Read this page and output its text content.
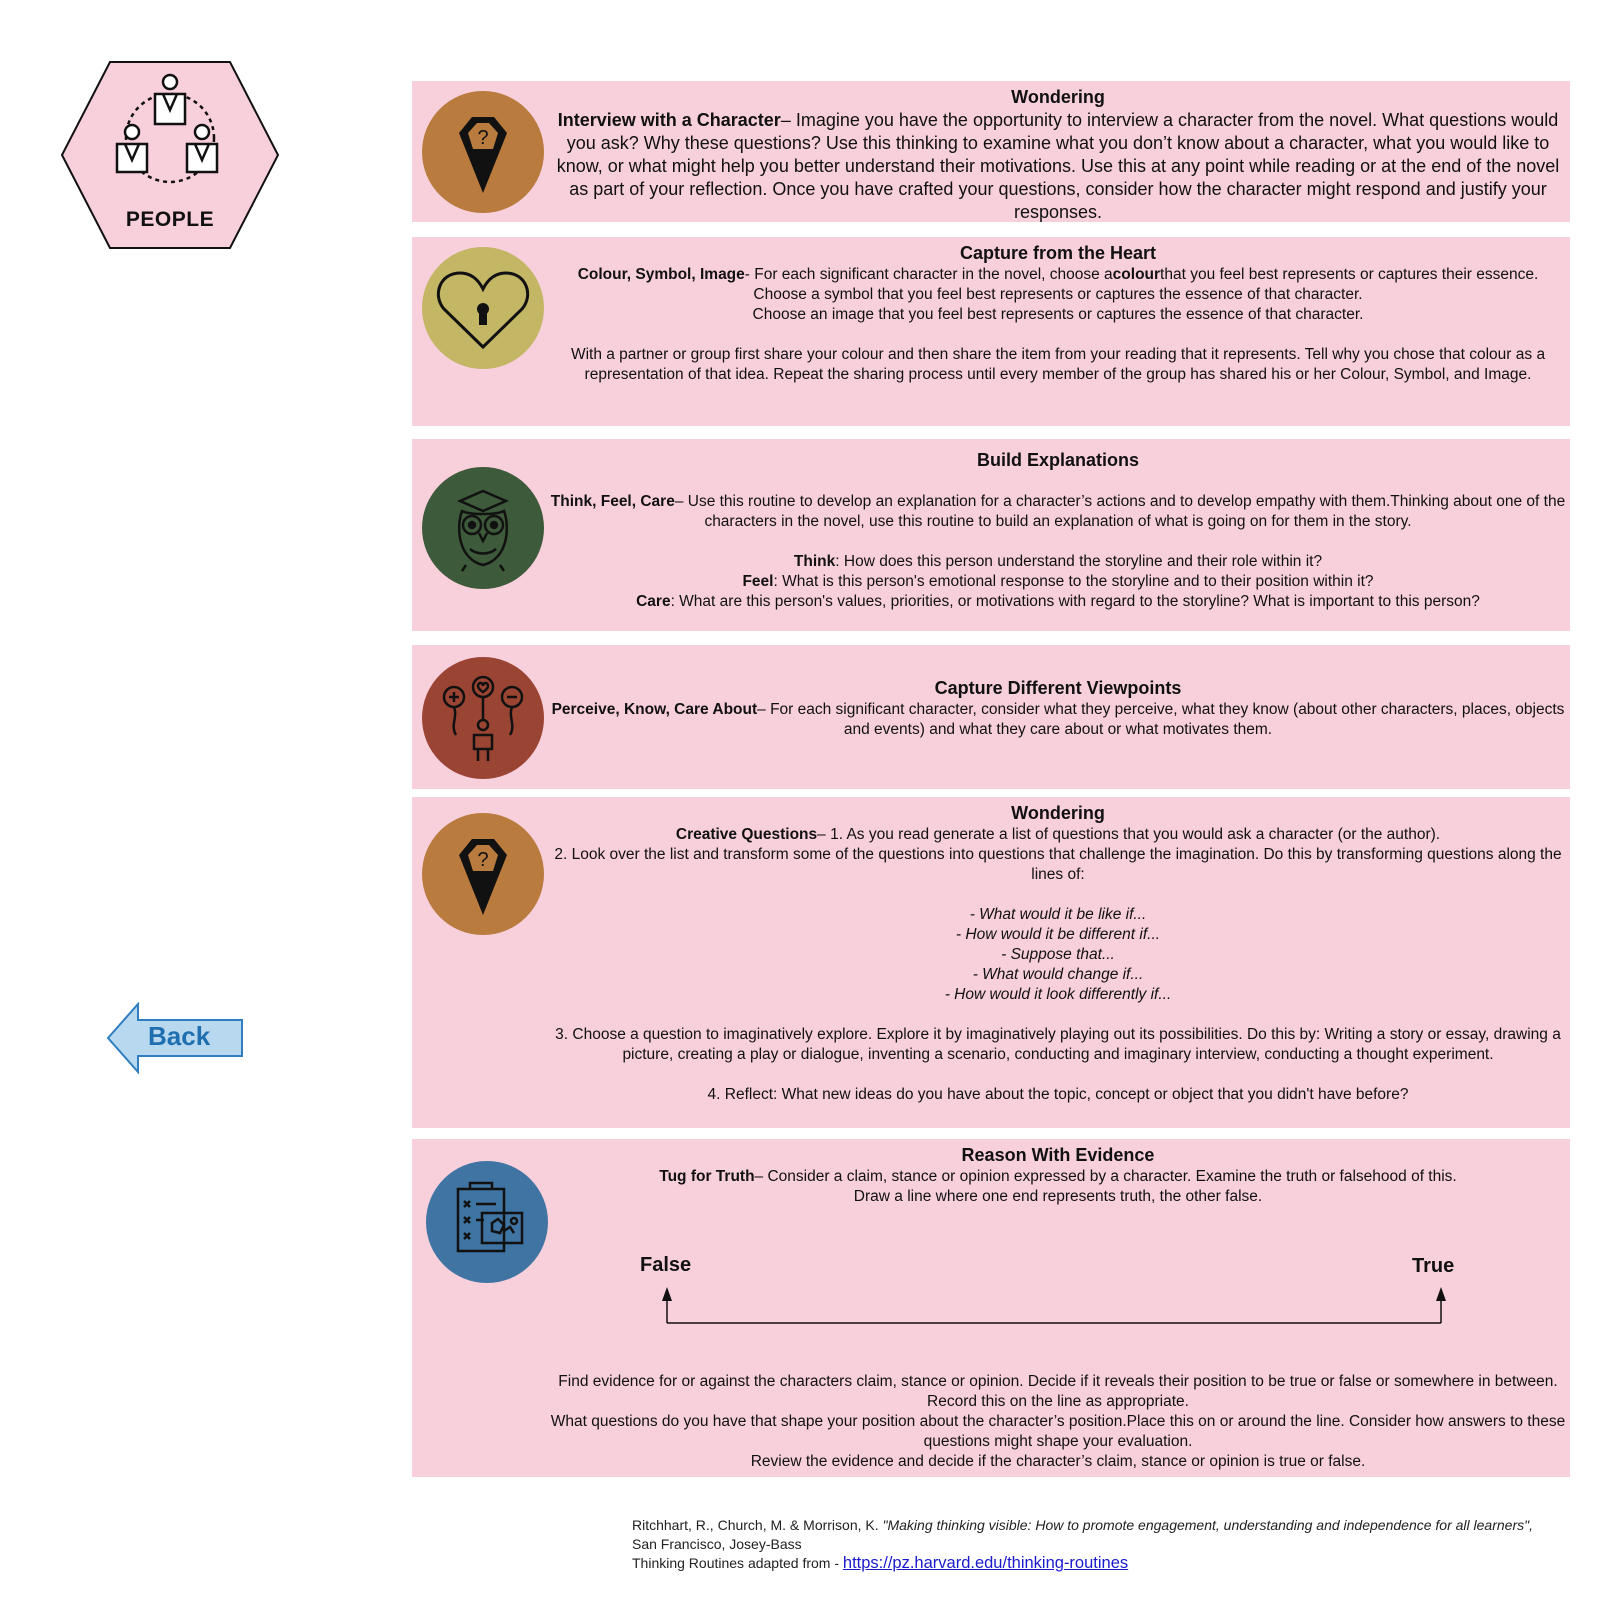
PEOPLE
Back
?
Wondering
Interview with a Character– Imagine you have the opportunity to interview a character from the novel. What questions would you ask? Why these questions? Use this thinking to examine what you don’t know about a character, what you would like to know, or what might help you better understand their motivations. Use this at any point while reading or at the end of the novel as part of your reflection. Once you have crafted your questions, consider how the character might respond and justify your responses.
Capture from the Heart
Colour, Symbol, Image- For each significant character in the novel, choose acolourthat you feel best represents or captures their essence.
Choose a symbol that you feel best represents or captures the essence of that character.
Choose an image that you feel best represents or captures the essence of that character.
With a partner or group first share your colour and then share the item from your reading that it represents. Tell why you chose that colour as a representation of that idea. Repeat the sharing process until every member of the group has shared his or her Colour, Symbol, and Image.
Build Explanations
Think, Feel, Care– Use this routine to develop an explanation for a character’s actions and to develop empathy with them.Thinking about one of the characters in the novel, use this routine to build an explanation of what is going on for them in the story.
Think: How does this person understand the storyline and their role within it?
Feel: What is this person's emotional response to the storyline and to their position within it?
Care: What are this person's values, priorities, or motivations with regard to the storyline? What is important to this person?
Capture Different Viewpoints
Perceive, Know, Care About– For each significant character, consider what they perceive, what they know (about other characters, places, objects and events) and what they care about or what motivates them.
?
Wondering
Creative Questions– 1. As you read generate a list of questions that you would ask a character (or the author).
2. Look over the list and transform some of the questions into questions that challenge the imagination. Do this by transforming questions along the lines of:
- What would it be like if...
- How would it be different if...
- Suppose that...
- What would change if...
- How would it look differently if...
3. Choose a question to imaginatively explore. Explore it by imaginatively playing out its possibilities. Do this by: Writing a story or essay, drawing a picture, creating a play or dialogue, inventing a scenario, conducting and imaginary interview, conducting a thought experiment.
4. Reflect: What new ideas do you have about the topic, concept or object that you didn't have before?
Reason With Evidence
Tug for Truth– Consider a claim, stance or opinion expressed by a character. Examine the truth or falsehood of this.
Draw a line where one end represents truth, the other false.
False	True
Find evidence for or against the characters claim, stance or opinion. Decide if it reveals their position to be true or false or somewhere in between. Record this on the line as appropriate.
What questions do you have that shape your position about the character’s position.Place this on or around the line. Consider how answers to these questions might shape your evaluation.
Review the evidence and decide if the character’s claim, stance or opinion is true or false.
Ritchhart, R., Church, M. & Morrison, K. "Making thinking visible: How to promote engagement, understanding and independence for all learners", San Francisco, Josey-Bass
Thinking Routines adapted from - https://pz.harvard.edu/thinking-routines
